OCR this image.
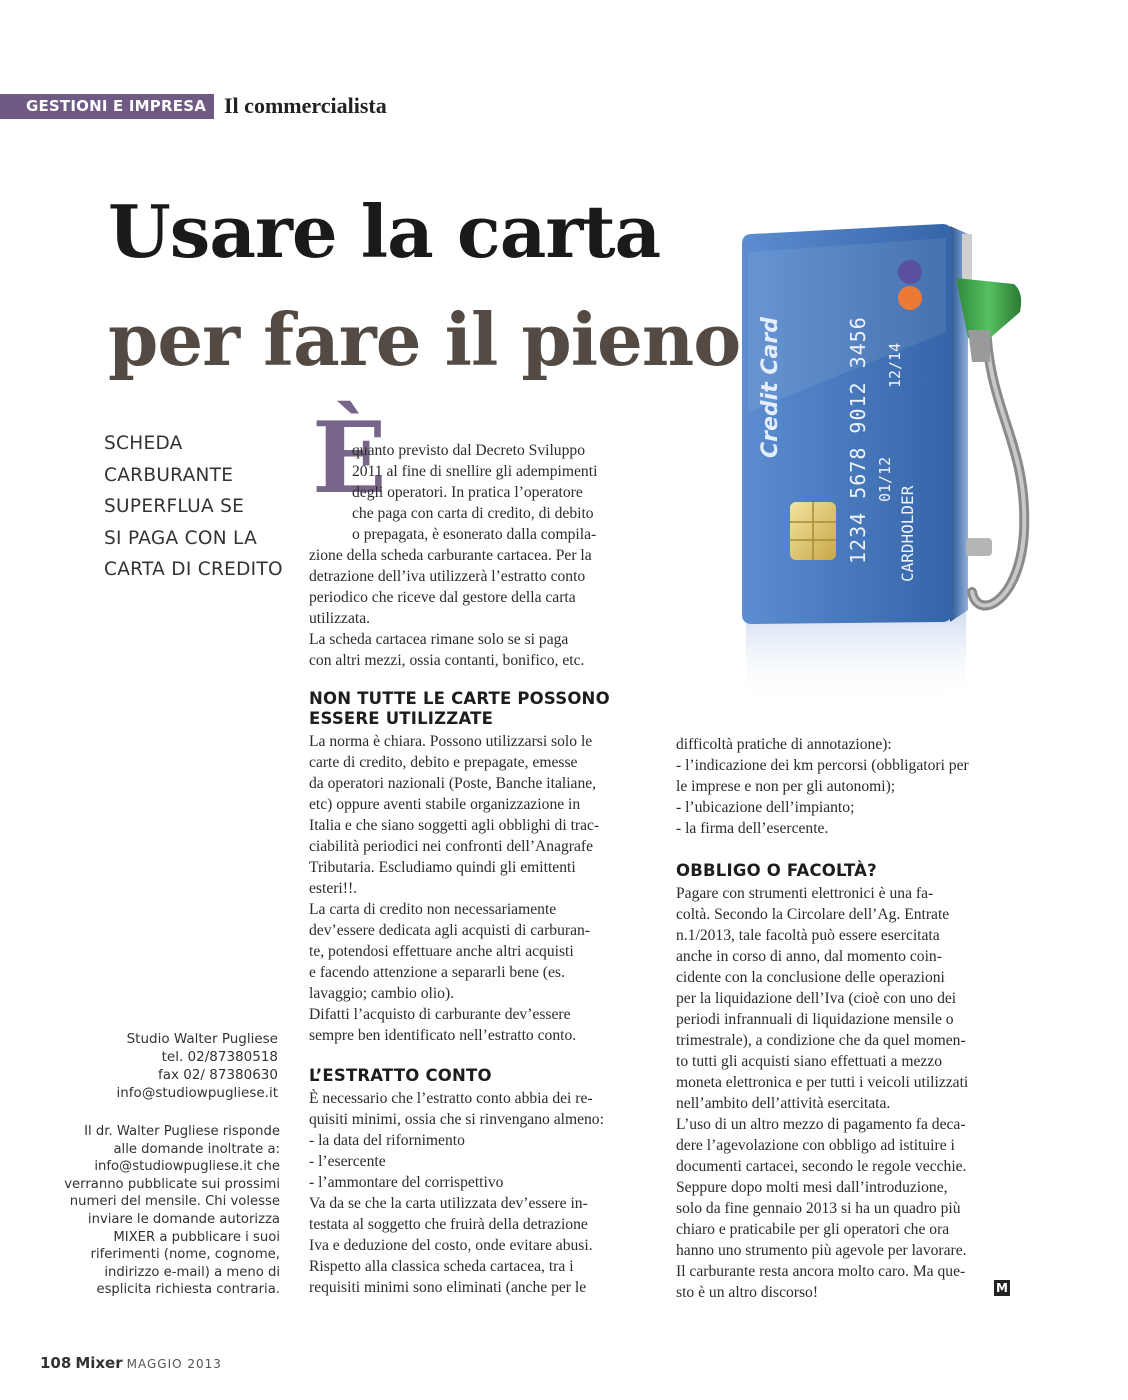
GESTIONI E IMPRESA Il commercialista
Usare la carta
per fare il pieno Credit Card	1234 5678 9012 3456 01/12
12/14
CARDHOLDER
SCHEDA
CARBURANTE
SUPERFLUA SE
SI PAGA CON LA
CARTA DI CREDITO
È
quanto previsto dal Decreto Sviluppo
2011 al fine di snellire gli adempimenti
degli operatori. In pratica l’operatore
che paga con carta di credito, di debito
o prepagata, è esonerato dalla compila-
zione della scheda carburante cartacea. Per la
detrazione dell’iva utilizzerà l’estratto conto
periodico che riceve dal gestore della carta
utilizzata.
La scheda cartacea rimane solo se si paga
con altri mezzi, ossia contanti, bonifico, etc.
NON TUTTE LE CARTE POSSONO
ESSERE UTILIZZATE
La norma è chiara. Possono utilizzarsi solo le
carte di credito, debito e prepagate, emesse
da operatori nazionali (Poste, Banche italiane,
etc) oppure aventi stabile organizzazione in
Italia e che siano soggetti agli obblighi di trac-
ciabilità periodici nei confronti dell’Anagrafe
Tributaria. Escludiamo quindi gli emittenti
esteri!!.
La carta di credito non necessariamente
dev’essere dedicata agli acquisti di carburan-
te, potendosi effettuare anche altri acquisti
e facendo attenzione a separarli bene (es.
lavaggio; cambio olio).
Difatti l’acquisto di carburante dev’essere
sempre ben identificato nell’estratto conto.
L’ESTRATTO CONTO
È necessario che l’estratto conto abbia dei re-
quisiti minimi, ossia che si rinvengano almeno:
- la data del rifornimento
- l’esercente
- l’ammontare del corrispettivo
Va da se che la carta utilizzata dev’essere in-
testata al soggetto che fruirà della detrazione
Iva e deduzione del costo, onde evitare abusi.
Rispetto alla classica scheda cartacea, tra i
requisiti minimi sono eliminati (anche per le
difficoltà pratiche di annotazione):
- l’indicazione dei km percorsi (obbligatori per
le imprese e non per gli autonomi);
- l’ubicazione dell’impianto;
- la firma dell’esercente.
OBBLIGO O FACOLTÀ?
Pagare con strumenti elettronici è una fa-
coltà. Secondo la Circolare dell’Ag. Entrate
n.1/2013, tale facoltà può essere esercitata
anche in corso di anno, dal momento coin-
cidente con la conclusione delle operazioni
per la liquidazione dell’Iva (cioè con uno dei
periodi infrannuali di liquidazione mensile o
trimestrale), a condizione che da quel momen-
to tutti gli acquisti siano effettuati a mezzo
moneta elettronica e per tutti i veicoli utilizzati
nell’ambito dell’attività esercitata.
L’uso di un altro mezzo di pagamento fa deca-
dere l’agevolazione con obbligo ad istituire i
documenti cartacei, secondo le regole vecchie.
Seppure dopo molti mesi dall’introduzione,
solo da fine gennaio 2013 si ha un quadro più
chiaro e praticabile per gli operatori che ora
hanno uno strumento più agevole per lavorare.
Il carburante resta ancora molto caro. Ma que-
sto è un altro discorso!	M
Studio Walter Pugliese
tel. 02/87380518
fax 02/ 87380630
info@studiowpugliese.it
Il dr. Walter Pugliese risponde
alle domande inoltrate a:
info@studiowpugliese.it che
verranno pubblicate sui prossimi
numeri del mensile. Chi volesse
inviare le domande autorizza
MIXER a pubblicare i suoi
riferimenti (nome, cognome,
indirizzo e-mail) a meno di
esplicita richiesta contraria.
108 Mixer MAGGIO 2013
